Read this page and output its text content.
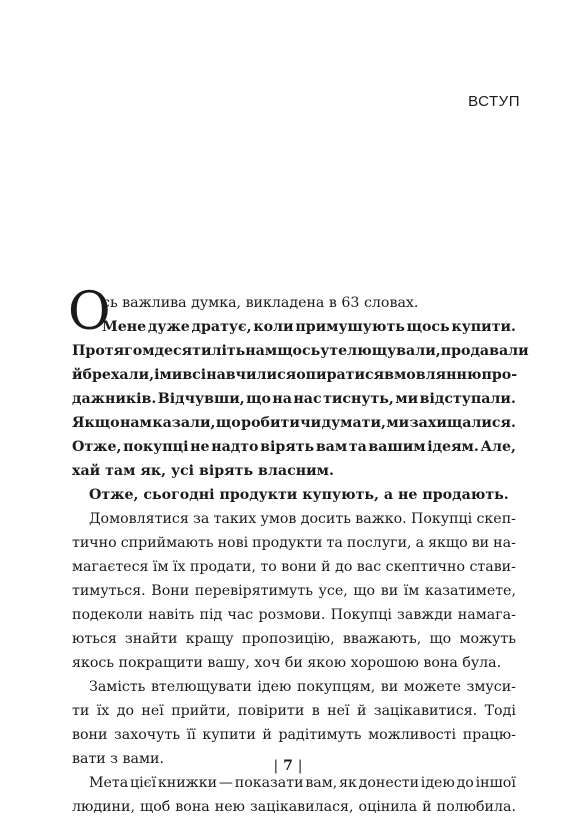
ВСТУП
О
сь важлива думка, викладена в 63 словах.
Мене дуже дратує, коли примушують щось купити.
Протягом десятиліть нам щось утелющували, продавали
й брехали, і ми всі навчилися опиратися вмовлянню про-
дажників. Відчувши, що на нас тиснуть, ми відступали.
Якщо нам казали, що робити чи думати, ми захищалися.
Отже, покупці не надто вірять вам та вашим ідеям. Але,
хай там як, усі вірять власним.
Отже, сьогодні продукти купують, а не продають.
Домовлятися за таких умов досить важко. Покупці скеп-
тично сприймають нові продукти та послуги, а якщо ви на-
магаєтеся їм їх продати, то вони й до вас скептично стави-
тимуться. Вони перевірятимуть усе, що ви їм казатимете,
подеколи навіть під час розмови. Покупці завжди намага-
ються знайти кращу пропозицію, вважають, що можуть
якось покращити вашу, хоч би якою хорошою вона була.
Замість втелющувати ідею покупцям, ви можете змуси-
ти їх до неї прийти, повірити в неї й зацікавитися. Тоді
вони захочуть її купити й радітимуть можливості працю-
вати з вами.
Мета цієї книжки — показати вам, як донести ідею до іншої
людини, щоб вона нею зацікавилася, оцінила й полюбила.
| 7 |
